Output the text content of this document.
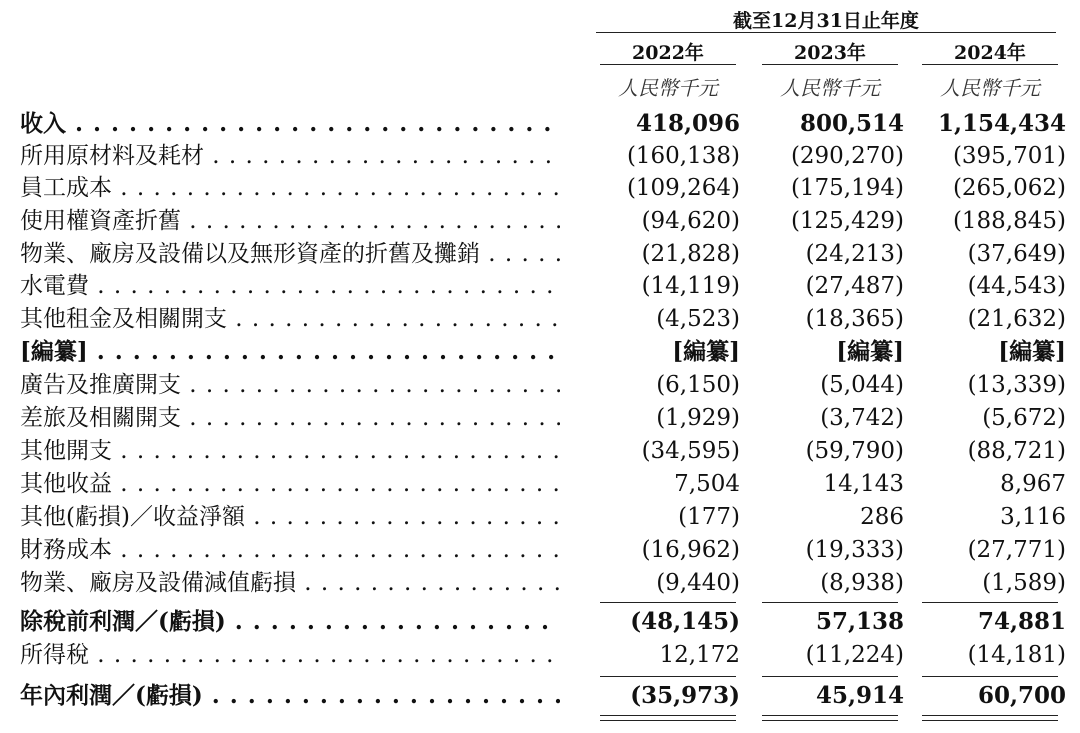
截至12月31日止年度
2022年	2023年	2024年
人民幣千元	人民幣千元	人民幣千元
收入 . . .	418,096	800,514	1,154,434
所用原材料及耗材 . . .	(160,138)	(290,270)	(395,701)
員工成本 . . .	(109,264)	(175,194)	(265,062)
使用權資產折舊 . . .	(94,620)	(125,429)	(188,845)
物業、廠房及設備以及無形資產的折舊及攤銷 . . .	(21,828)	(24,213)	(37,649)
水電費 . . .	(14,119)	(27,487)	(44,543)
其他租金及相關開支 . . .	(4,523)	(18,365)	(21,632)
[編纂] . . .	[編纂]	[編纂]	[編纂]
廣告及推廣開支 . . .	(6,150)	(5,044)	(13,339)
差旅及相關開支 . . .	(1,929)	(3,742)	(5,672)
其他開支 . . .	(34,595)	(59,790)	(88,721)
其他收益 . . .	7,504	14,143	8,967
其他(虧損)／收益淨額 . . .	(177)	286	3,116
財務成本 . . .	(16,962)	(19,333)	(27,771)
物業、廠房及設備減值虧損 . . .	(9,440)	(8,938)	(1,589)
除稅前利潤／(虧損) . . .	(48,145)	57,138	74,881
所得稅 . . .	12,172	(11,224)	(14,181)
年內利潤／(虧損) . . .	(35,973)	45,914	60,700
